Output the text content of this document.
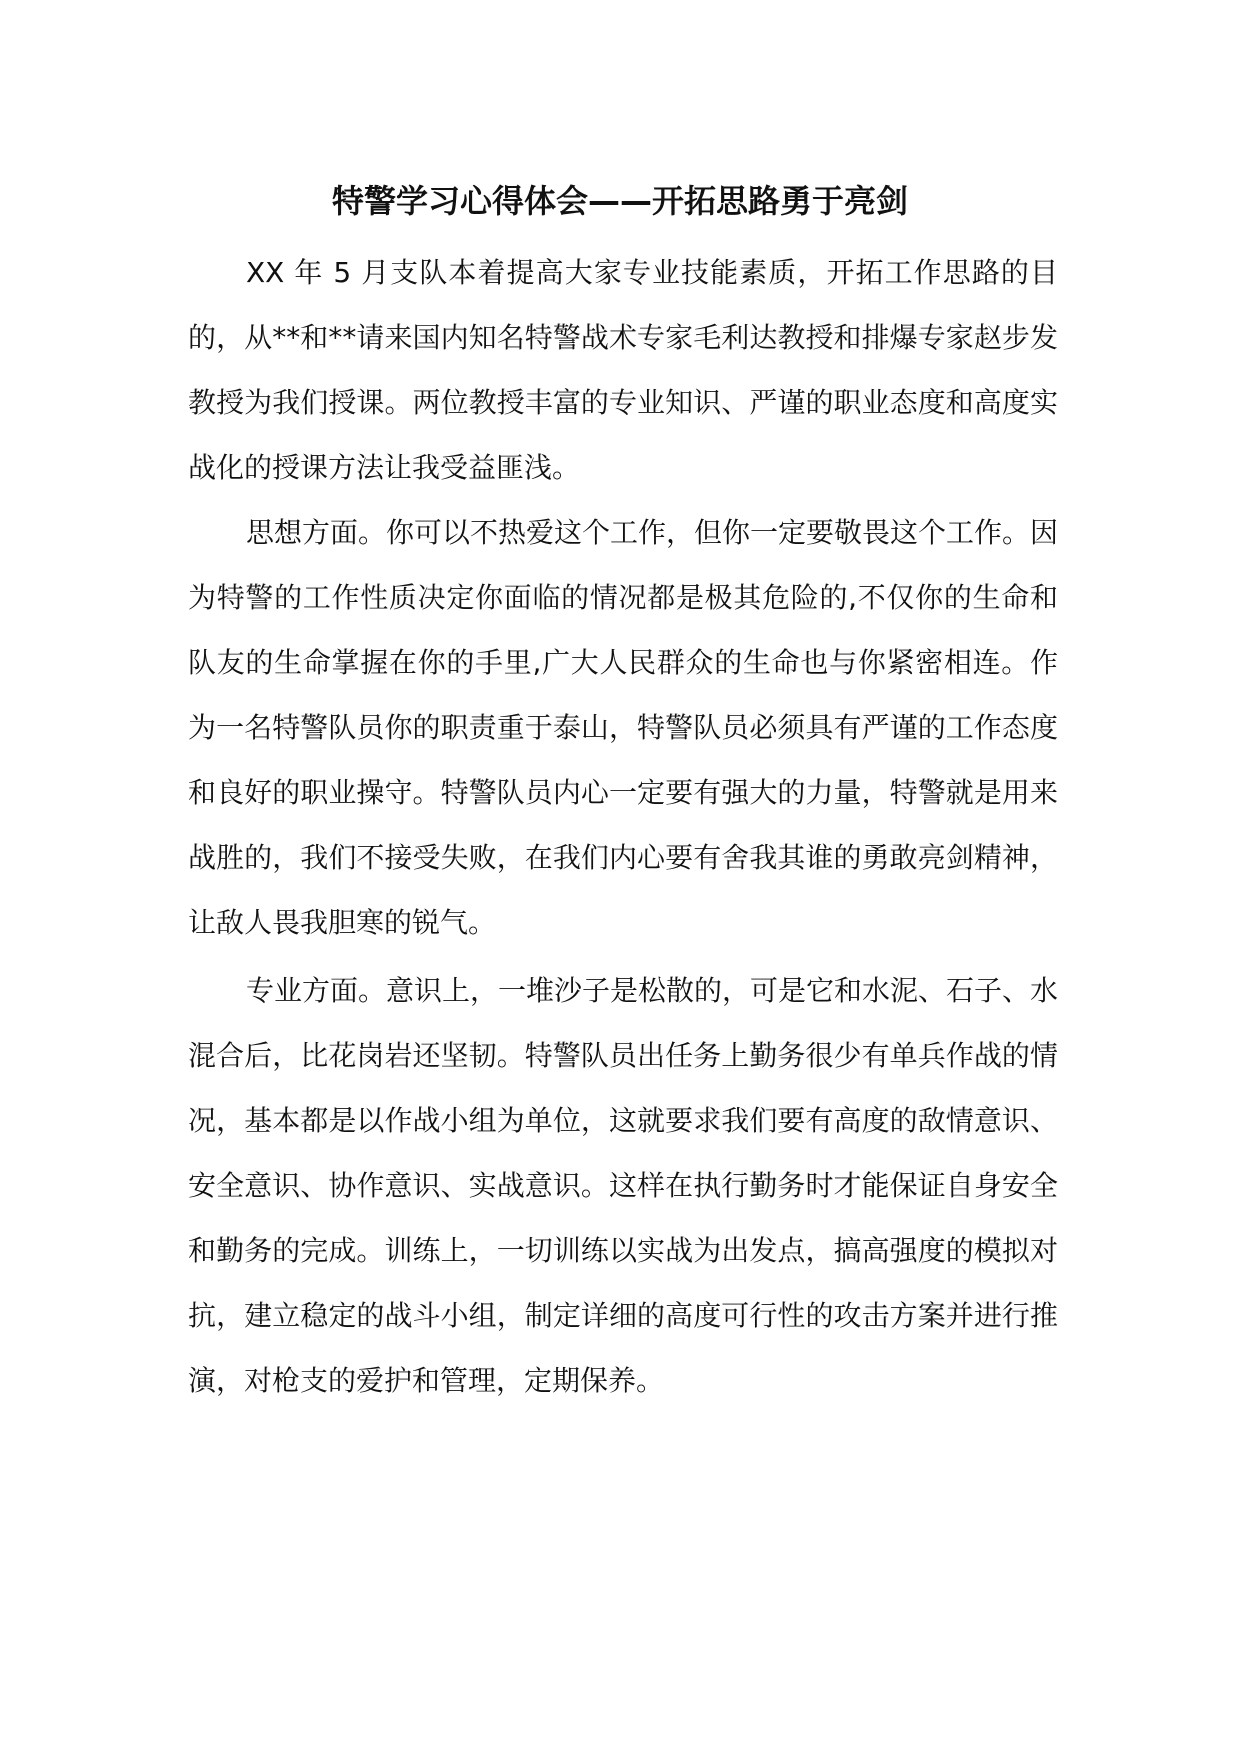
特警学习心得体会——开拓思路勇于亮剑

XX 年 5 月支队本着提高大家专业技能素质，开拓工作思路的目的，从**和**请来国内知名特警战术专家毛利达教授和排爆专家赵步发教授为我们授课。两位教授丰富的专业知识、严谨的职业态度和高度实战化的授课方法让我受益匪浅。

思想方面。你可以不热爱这个工作，但你一定要敬畏这个工作。因为特警的工作性质决定你面临的情况都是极其危险的,不仅你的生命和队友的生命掌握在你的手里,广大人民群众的生命也与你紧密相连。作为一名特警队员你的职责重于泰山，特警队员必须具有严谨的工作态度和良好的职业操守。特警队员内心一定要有强大的力量，特警就是用来战胜的，我们不接受失败，在我们内心要有舍我其谁的勇敢亮剑精神，让敌人畏我胆寒的锐气。

专业方面。意识上，一堆沙子是松散的，可是它和水泥、石子、水混合后，比花岗岩还坚韧。特警队员出任务上勤务很少有单兵作战的情况，基本都是以作战小组为单位，这就要求我们要有高度的敌情意识、安全意识、协作意识、实战意识。这样在执行勤务时才能保证自身安全和勤务的完成。训练上，一切训练以实战为出发点，搞高强度的模拟对抗，建立稳定的战斗小组，制定详细的高度可行性的攻击方案并进行推演，对枪支的爱护和管理，定期保养。
